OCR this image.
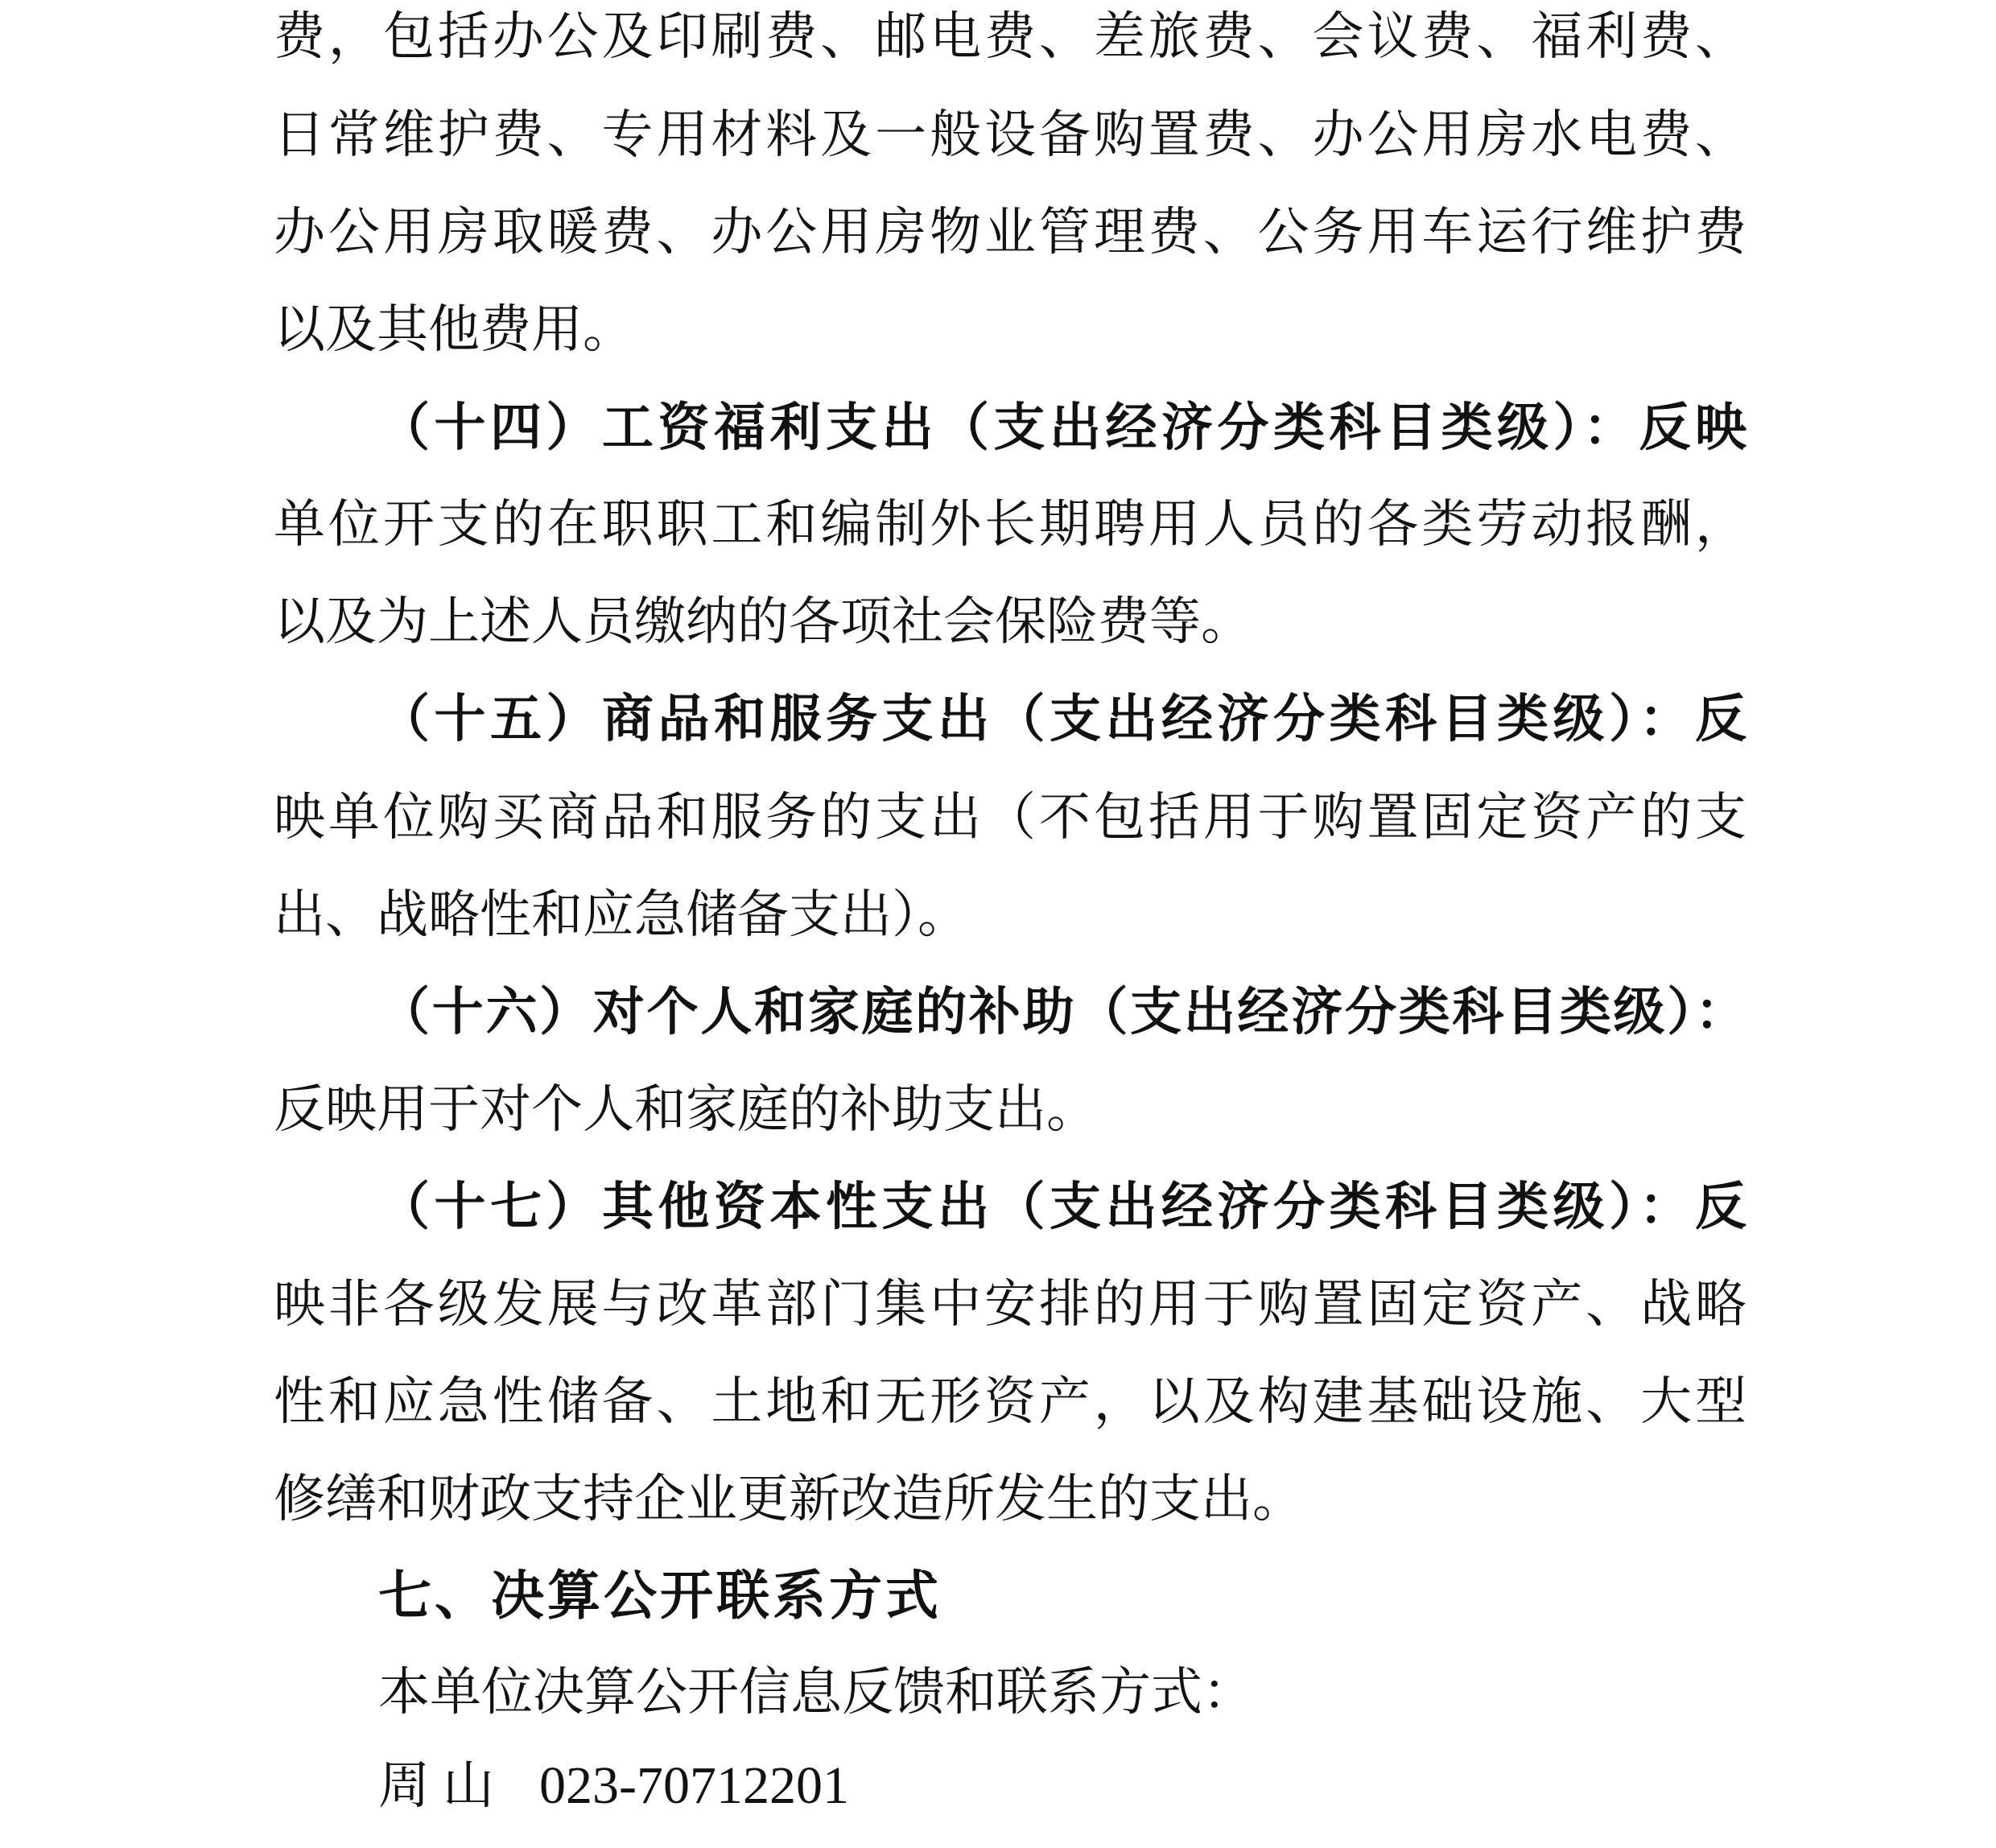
费，包括办公及印刷费、邮电费、差旅费、会议费、福利费、
日常维护费、专用材料及一般设备购置费、办公用房水电费、
办公用房取暖费、办公用房物业管理费、公务用车运行维护费
以及其他费用。
（十四）工资福利支出（支出经济分类科目类级）：反映
单位开支的在职职工和编制外长期聘用人员的各类劳动报酬，
以及为上述人员缴纳的各项社会保险费等。
（十五）商品和服务支出（支出经济分类科目类级）：反
映单位购买商品和服务的支出（不包括用于购置固定资产的支
出、战略性和应急储备支出）。
（十六）对个人和家庭的补助（支出经济分类科目类级）：
反映用于对个人和家庭的补助支出。
（十七）其他资本性支出（支出经济分类科目类级）：反
映非各级发展与改革部门集中安排的用于购置固定资产、战略
性和应急性储备、土地和无形资产，以及构建基础设施、大型
修缮和财政支持企业更新改造所发生的支出。
七、决算公开联系方式
本单位决算公开信息反馈和联系方式：
周山 023-70712201
